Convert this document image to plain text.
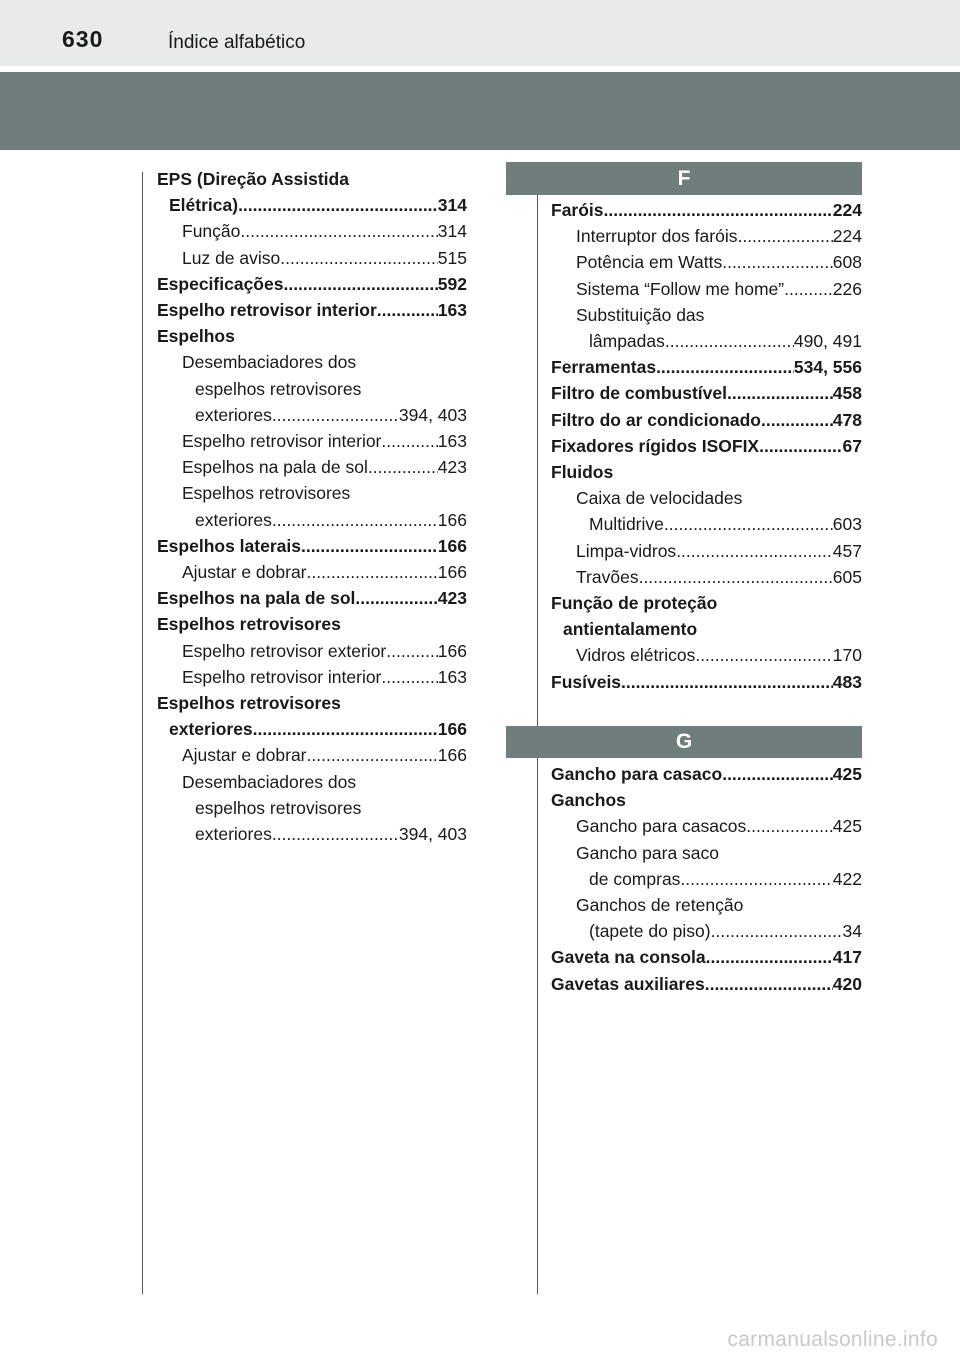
630	Índice alfabético
EPS (Direção Assistida
Elétrica) .....	314
Função .....	314
Luz de aviso .....	515
Especificações .....	592
Espelho retrovisor interior .....	163
Espelhos
Desembaciadores dos
espelhos retrovisores
exteriores .....	394, 403
Espelho retrovisor interior .....	163
Espelhos na pala de sol .....	423
Espelhos retrovisores
exteriores .....	166
Espelhos laterais .....	166
Ajustar e dobrar .....	166
Espelhos na pala de sol .....	423
Espelhos retrovisores
Espelho retrovisor exterior .....	166
Espelho retrovisor interior .....	163
Espelhos retrovisores
exteriores .....	166
Ajustar e dobrar .....	166
Desembaciadores dos
espelhos retrovisores
exteriores .....	394, 403
F
Faróis .....	224
Interruptor dos faróis .....	224
Potência em Watts .....	608
Sistema “Follow me home” .....	226
Substituição das
lâmpadas .....	490, 491
Ferramentas .....	534, 556
Filtro de combustível .....	458
Filtro do ar condicionado .....	478
Fixadores rígidos ISOFIX .....	67
Fluidos
Caixa de velocidades
Multidrive .....	603
Limpa-vidros .....	457
Travões .....	605
Função de proteção
antientalamento
Vidros elétricos .....	170
Fusíveis .....	483
G
Gancho para casaco .....	425
Ganchos
Gancho para casacos .....	425
Gancho para saco
de compras .....	422
Ganchos de retenção
(tapete do piso) .....	34
Gaveta na consola .....	417
Gavetas auxiliares .....	420
carmanualsonline.info
